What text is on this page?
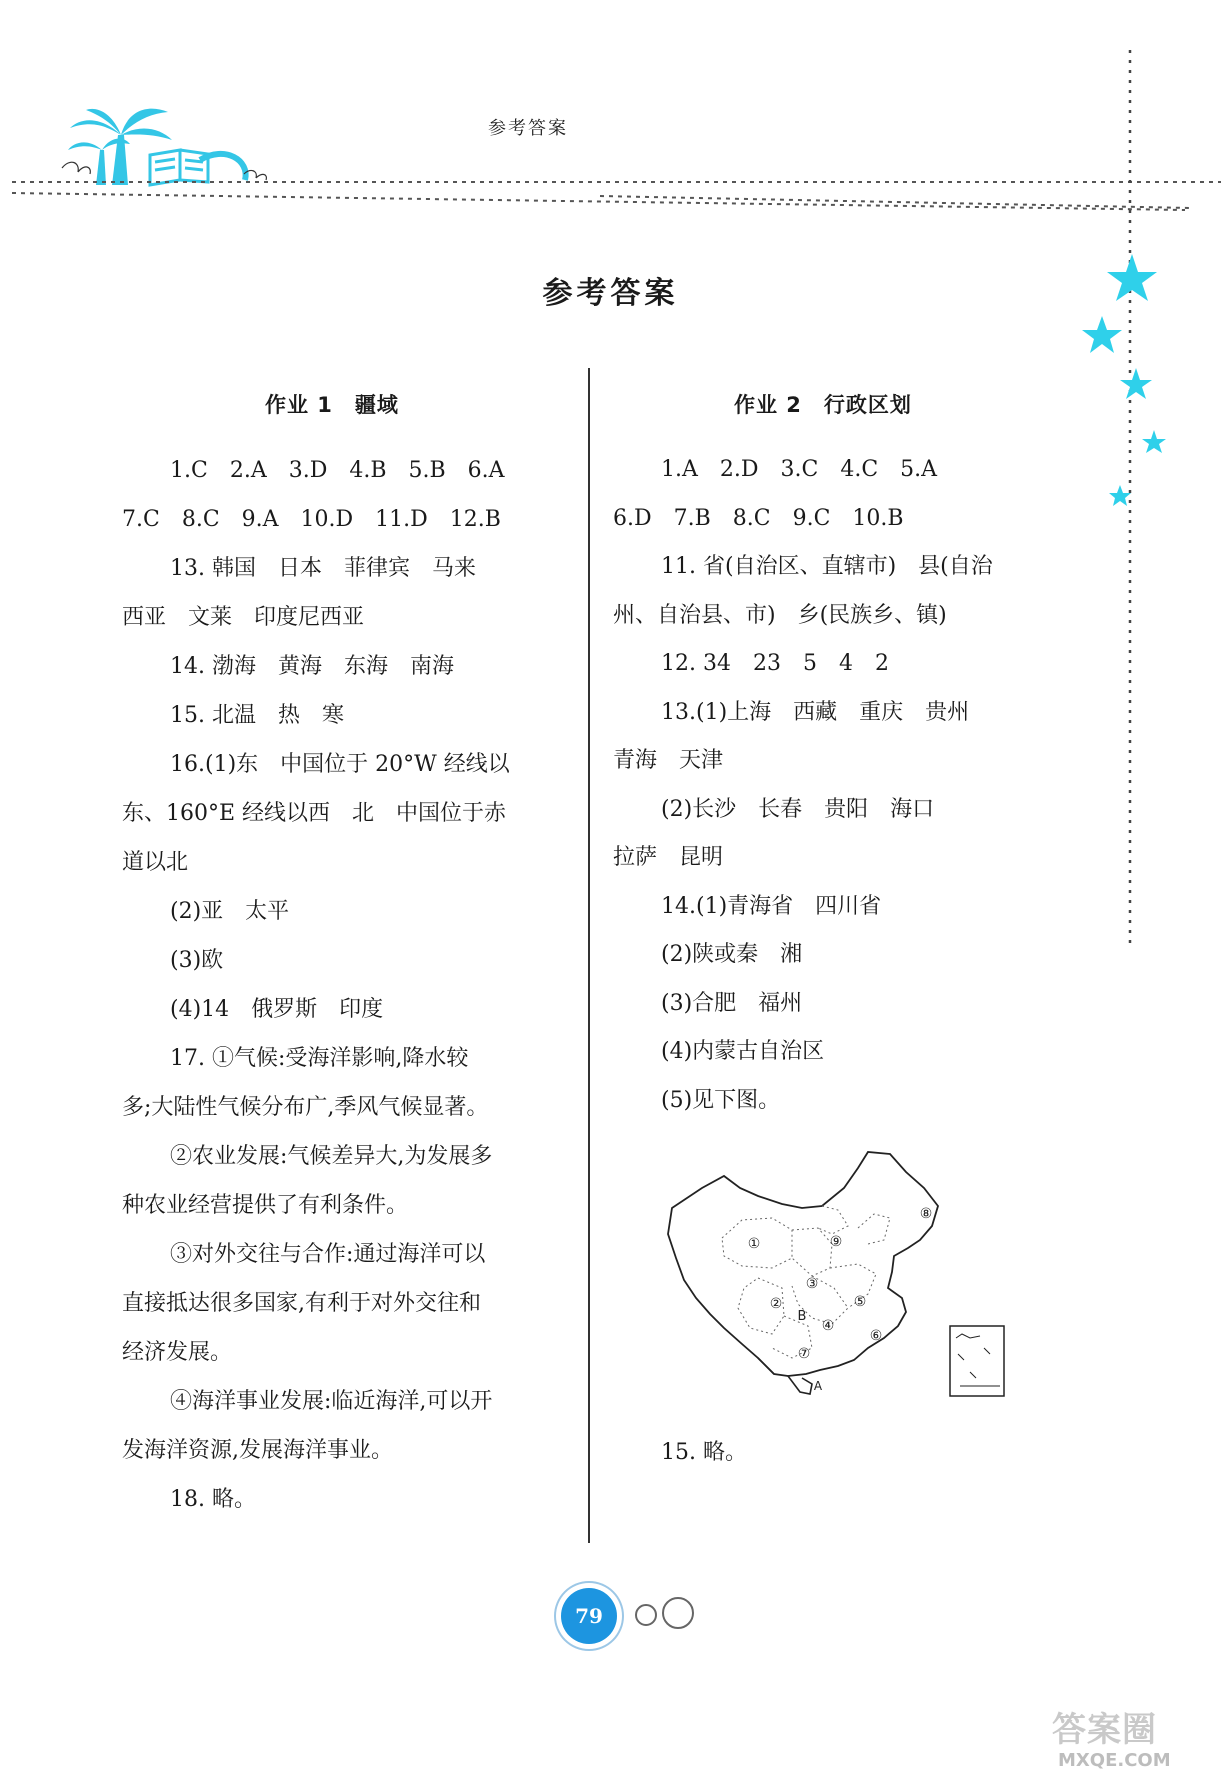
参考答案
参考答案
作业 1　疆域
1.C　2.A　3.D　4.B　5.B　6.A
7.C　8.C　9.A　10.D　11.D　12.B
13. 韩国　日本　菲律宾　马来
西亚　文莱　印度尼西亚
14. 渤海　黄海　东海　南海
15. 北温　热　寒
16.(1)东　中国位于 20°W 经线以
东、160°E 经线以西　北　中国位于赤
道以北
(2)亚　太平
(3)欧
(4)14　俄罗斯　印度
17. ①气候:受海洋影响,降水较
多;大陆性气候分布广,季风气候显著。
②农业发展:气候差异大,为发展多
种农业经营提供了有利条件。
③对外交往与合作:通过海洋可以
直接抵达很多国家,有利于对外交往和
经济发展。
④海洋事业发展:临近海洋,可以开
发海洋资源,发展海洋事业。
18. 略。
作业 2　行政区划
1.A　2.D　3.C　4.C　5.A
6.D　7.B　8.C　9.C　10.B
11. 省(自治区、直辖市)　县(自治
州、自治县、市)　乡(民族乡、镇)
12. 34　23　5　4　2
13.(1)上海　西藏　重庆　贵州
青海　天津
(2)长沙　长春　贵阳　海口
拉萨　昆明
14.(1)青海省　四川省
(2)陕或秦　湘
(3)合肥　福州
(4)内蒙古自治区
(5)见下图。
①
②
③
④
⑤
⑥
⑦
⑧
⑨
A
B
15. 略。
79
答案圈
MXQE.COM
